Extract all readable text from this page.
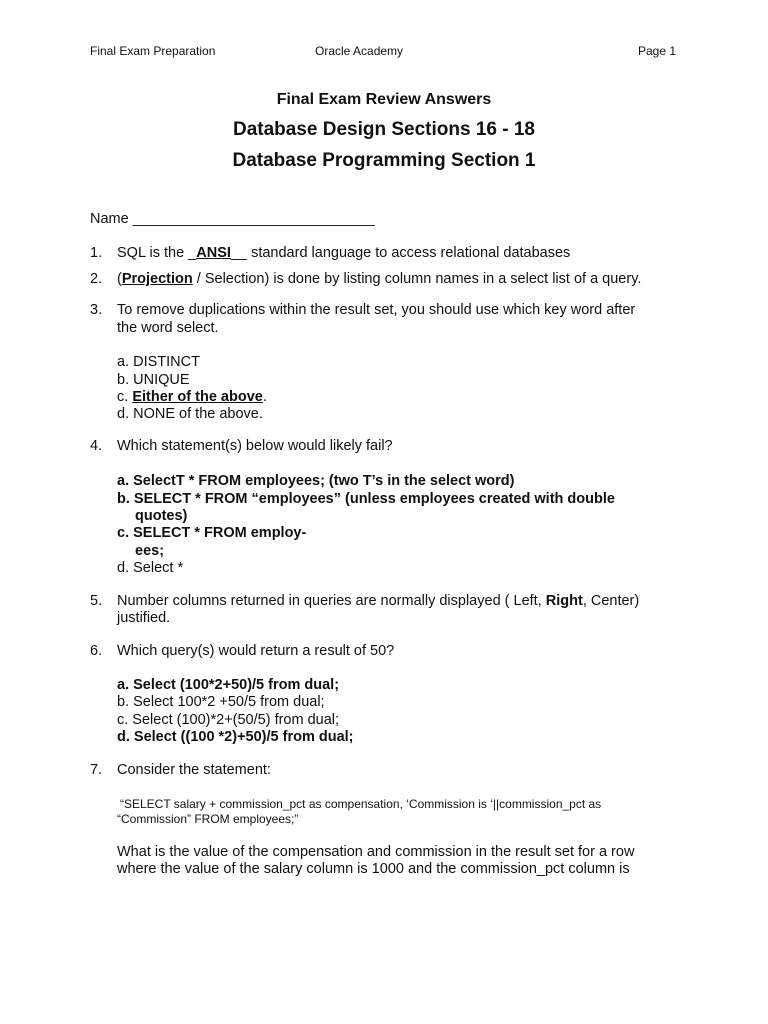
Final Exam Preparation	Oracle Academy	Page 1
Final Exam Review Answers
Database Design Sections 16 - 18
Database Programming Section 1
Name ______________________________
1. SQL is the _ANSI__ standard language to access relational databases
2. (Projection / Selection) is done by listing column names in a select list of a query.
3. To remove duplications within the result set, you should use which key word after
the word select.
a. DISTINCT
b. UNIQUE
c. Either of the above.
d. NONE of the above.
4. Which statement(s) below would likely fail?
a. SelectT * FROM employees; (two T’s in the select word)
b. SELECT * FROM “employees” (unless employees created with double
quotes)
c. SELECT * FROM employ-
ees;
d. Select *
5. Number columns returned in queries are normally displayed ( Left, Right, Center)
justified.
6. Which query(s) would return a result of 50?
a. Select (100*2+50)/5 from dual;
b. Select 100*2 +50/5 from dual;
c. Select (100)*2+(50/5) from dual;
d. Select ((100 *2)+50)/5 from dual;
7. Consider the statement:
“SELECT salary + commission_pct as compensation, ‘Commission is ‘||commission_pct as
“Commission” FROM employees;”
What is the value of the compensation and commission in the result set for a row
where the value of the salary column is 1000 and the commission_pct column is
